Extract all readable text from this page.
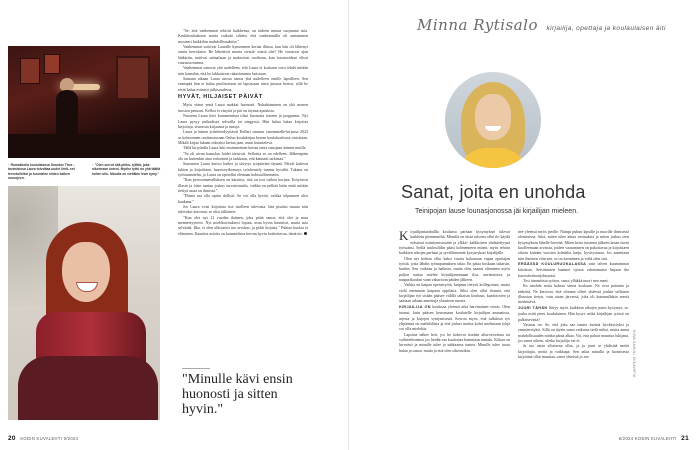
↑ Rumakkolla koululaisesa Snooker Time -tavimisissa Laura toivottaa uudet ilmit- set tervetulleiksi ja kuuntelee niiden kaiken ruusojeen.
↑ "Olen surrut sitä pikku- tyttöä, joka oikeimsan koteoi. Myöhe tyttö on yhä täältä kellen uliu. Minulla on vielläkin lewe tymy."

"Se, että vanhemmat tekivät kaikkensa, on tärkein minua suojannut asia. Keskikoululaisen mutta vaikutti siltäen, että vanhemmilla oli auttaminen mysteeri kaikkihin mahdollisuuksiin."

Vanhemmat soittivat Lauralle kymmenen kertaa illassa, kun hän oli lähtenyt omiin kerroksiin. He lähettivät monta viestiä: missä olet? He varasivat ajan lääkäriin, nuttivat saitaaliaan ja maksoivat osoikean, kun huomioideni olivat vaarassa menna.

Vanhemmat sanovat yhä uudelleen, että Laura ei koskaan voisi tehdä mitään niin kamalaa, että he lakkaisivat rakastamasta laristaan.

Samaan aikaan Laura asiosa asnoa yhä uudelleen omille lapsilleen. Sen enempää hän ei halua puolisoitaan tai lapsistaan tässä jutussa kertoa, sillä he eivät halua esiintyä julkisuudessa.

HYVÄT, HILJAISET PÄIVÄT

Myös viime ynnä Laura makkai huonosti. Nukahtaminen on yhä monen tuosion pensoni. Kelloa ei väsyttä ja päi on täynnä ajatuksia.

Nuorena Laura kävi kommentissa tilasi huonosta toiseen ja juoppunut. Nyt Laura pysyy putkadissa sohvalla tai sängyssä. Hän haluu lukaa kirjoitaa kirjoituja, seuravaa kirjaansa ja runoja.

Laura ja hänen yrästötiedyyttävät Kellari sinunut vasemmalle-kirjassa 2023 se kolmonnen ruotimotusaan Onlun koulukirjaa kerran koulukoulossa visiottaan. Mikäli kirjaa lukaan oikeaksi kertaa jaan, muut kuunteleva.

Tällä kirjoitulla Laura luki ensimmäisen kertaa omia runojaan ääneen muille.

"Se oli aivan kamalaa, kädet tärisivät. Sellaista se on edelleen. Jälkeenpäin olo on kuitenkin aina euforinen ja tarkkaan, että kannatti tarkistaa."

Sanomien Laura kertoo kaihvi ja sävytys työpäiväni täynnä. Päivät kuluvat lukien ja kirjoittaen, haaviseytkomuys työskentely tunnus hyvältä. Takana on työsuunnitelm, ja Laura on opetellut elemaan kohtuullisemmin.

"Kun persoonnavalluksen on kärsinyt, sitä on tosi vaikea korjata. Erityisesti illasin ja öisin tuntuu joskus turvattomalta, vaikka en pelkää kään enää mitään tiettyä asiaa tai ihmistä."

"Elämä saa olla opittu dollisti. Se voi olla hyvää, vaikka tolpunnen olisi kaukana."

Jos Laura voisi kirjoittaa itse itselleen tulevasta, hän pistäisi muuta niin tulevaksi kertonut, se olisi tällainen:

"Kun olet nyt 12 vuoden ikäinen, joka pitää sanoa, että olet ja muu menneisyyteesi. Nyt mielikuvituksesi loputa, asuu hyvin kauniisti, mutta asia selvittää. Ilka, ei olen ulkoisesti tuo arvokas, ja pidät kirjasta." Puhtaa kuolaa ei eläminen. Kauniita asioita on kuunneltava kerran hyvin koskettavaa, tämä nii.

"Minulle kävi ensin huonosti ja sitten hyvin."
20 KODIN KUVALEHTI 6/2024
Minna Rytisalo kirjailija, opettaja ja koulaulaisen äiti
Sanat, joita en unohda
Teinipojan lause lounasjonossa jäi kirjailijan mieleen.

Kirjailijantarahallla koulussa parhaat kysymykset tulevat kaikkein pienimmiltä. Minulla on tässä tulvena ollut ilo käydä erästissä esiintymisissään ja ylkkö- kalkkoisen yhdistettyynä työssänsi. Siellä tuulosiltilin pääsi kolmenneen mineä, myös tehtiin kaikkien aikojen parhaat ja syvällisimmät kysymykset kirjalijalle.

Olen nyt kohtaa ollut kaksi vuotta kokonaan vapaa opettajan työstä, josta lähdin työnapumaksen takia. En palaa koskaan takaisin, haalen. Sen vaikeaa ja haikeaa, mutta olen saanut eläminen myös paljon uuttaa mielen kirjailijasmmaan iloa, aavistuttava, ja naapurikoulun vaan vaharioon päiden jälkeen.

Vaikka en kaipaa opetustyötä, kaipaan tietysti kollegoitani, mutta vielä enemmän kaipaan oppilaita. Siksi olen ollut ilonani, että kirjailijan työ sisään pääsee välillä takaisin kouluun, kaadotorien ja samaan aikaan annettuja yläasteen nuoria.

KIRJAILIJA ON koulussa yleensä aika harvinainen vieras. Olen tuonut, kuin pääsen kertomaan kouluielle kirjailijan ammatista, arjesta ja kirjojen syntymisestä. Kerron myös, että tulkiksin työ ylipäänsä on mahdollista ja että joskus maitsa kohti unelmiaan tyhjä voi olla mielekäs.

Lapsista näkee heti, jos he kokevat itseään aliarvioivansa tai vaihteehtonensi jos heidät saa kuulostaa kummaan tuntuki. Kiikaa on hirveästi ja minulle tulee ja tuhkaansa tuntea. Minulle tulee tuotu halua ja sanoa, mutta ja että olen oikeastikin.

nee yleensä myös perille. Nämpi puhun lapsille ja nuorille ihmisestä olemisessa. Siitä, miten tulee antaa vastauksia ja miten joskus teen kysymyksen lähelle hirveää. Miten kerta toisensa jälkeen laitan itseni kuolleemaan arvaista, joiden vaaraminen on pakottavaa ja kirjoittaen oikein kahden vuosien kohdalta harju, hyvitysturaa. Jos annettaan niin ihmisen väin sen, se on itsenäinen ja vielä olen sitä.

ERÄÄSSÄ KOULURUOKALASSA sain talven kuumimmat kiitokset. Seiväinnien luannot ojossa odottamassa linjaan ihe kasvisketttoutjohnyutsi.

Tosi tämmöista syötyn, sanoi ylläkkä nuori nen meni.

En unohda noita kohtaa sanoa koskaan. Ne ovat paitanta ja tärkeitä. Ne kertovat, että olimme olleet yhdessä jonkin sellaisen illuusion tietyn, vain aiaan järvessä, joka oli kummallakin mestä merkittävä.

JUURI TÄHÄN liittyy myös kaikkein aikojen paras kysymys, se, jonka esitti pieni koululainen. Hän kysyi: mikä kirjailijan työssä on palkitsevinta?

Vastaus on: Se, että joku saa tuntea itsensä hyväksytyksi ja ymmärretyksi. Sillä on täysin sama vaikutus tiedä miksi, mutta annat mahdollisuuden minkä päinä alkaa. Voi, että paluat muuttua lukijana, jos sanot oikein, oletko kirjailija vai et.

Ja tuo asiaa siltaisena ollut, ja ja juuri se yhdistää meitä kirjoittajia, meitä ja vaikkapa. Sen takia minulla ja luomisesta kirjoittaa ollut muuttaa, sanoi yhteistä jo me.	KUVA SAMULI SIIKAVIRTA
6/2024 KODIN KUVALEHTI 21
